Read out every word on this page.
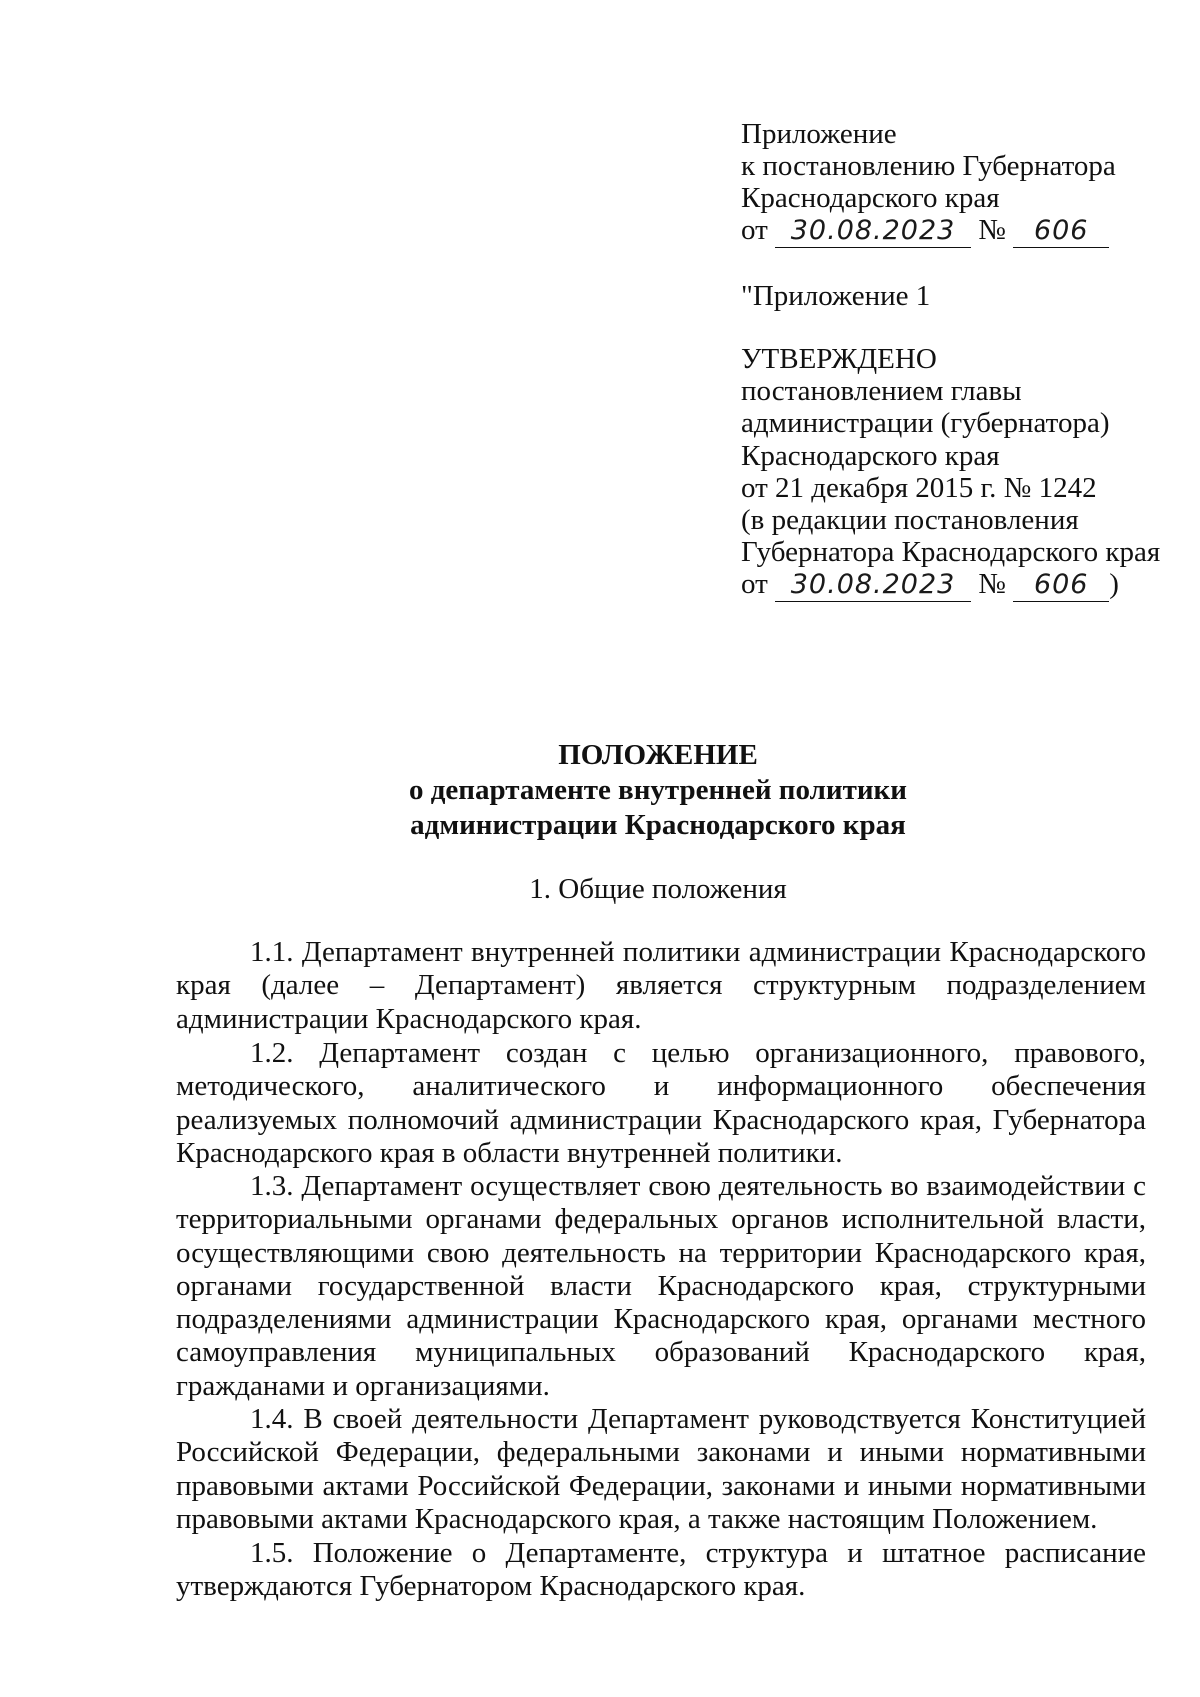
Приложение
к постановлению Губернатора
Краснодарского края
от 30.08.2023 № 606
"Приложение 1
УТВЕРЖДЕНО
постановлением главы
администрации (губернатора)
Краснодарского края
от 21 декабря 2015 г. № 1242
(в редакции постановления
Губернатора Краснодарского края
от 30.08.2023 № 606 )
ПОЛОЖЕНИЕ
о департаменте внутренней политики
администрации Краснодарского края
1. Общие положения
1.1. Департамент внутренней политики администрации Краснодарского края (далее – Департамент) является структурным подразделением администрации Краснодарского края.
1.2. Департамент создан с целью организационного, правового, методического, аналитического и информационного обеспечения реализуемых полномочий администрации Краснодарского края, Губернатора Краснодарского края в области внутренней политики.
1.3. Департамент осуществляет свою деятельность во взаимодействии с территориальными органами федеральных органов исполнительной власти, осуществляющими свою деятельность на территории Краснодарского края, органами государственной власти Краснодарского края, структурными подразделениями администрации Краснодарского края, органами местного самоуправления муниципальных образований Краснодарского края, гражданами и организациями.
1.4. В своей деятельности Департамент руководствуется Конституцией Российской Федерации, федеральными законами и иными нормативными правовыми актами Российской Федерации, законами и иными нормативными правовыми актами Краснодарского края, а также настоящим Положением.
1.5. Положение о Департаменте, структура и штатное расписание утверждаются Губернатором Краснодарского края.
